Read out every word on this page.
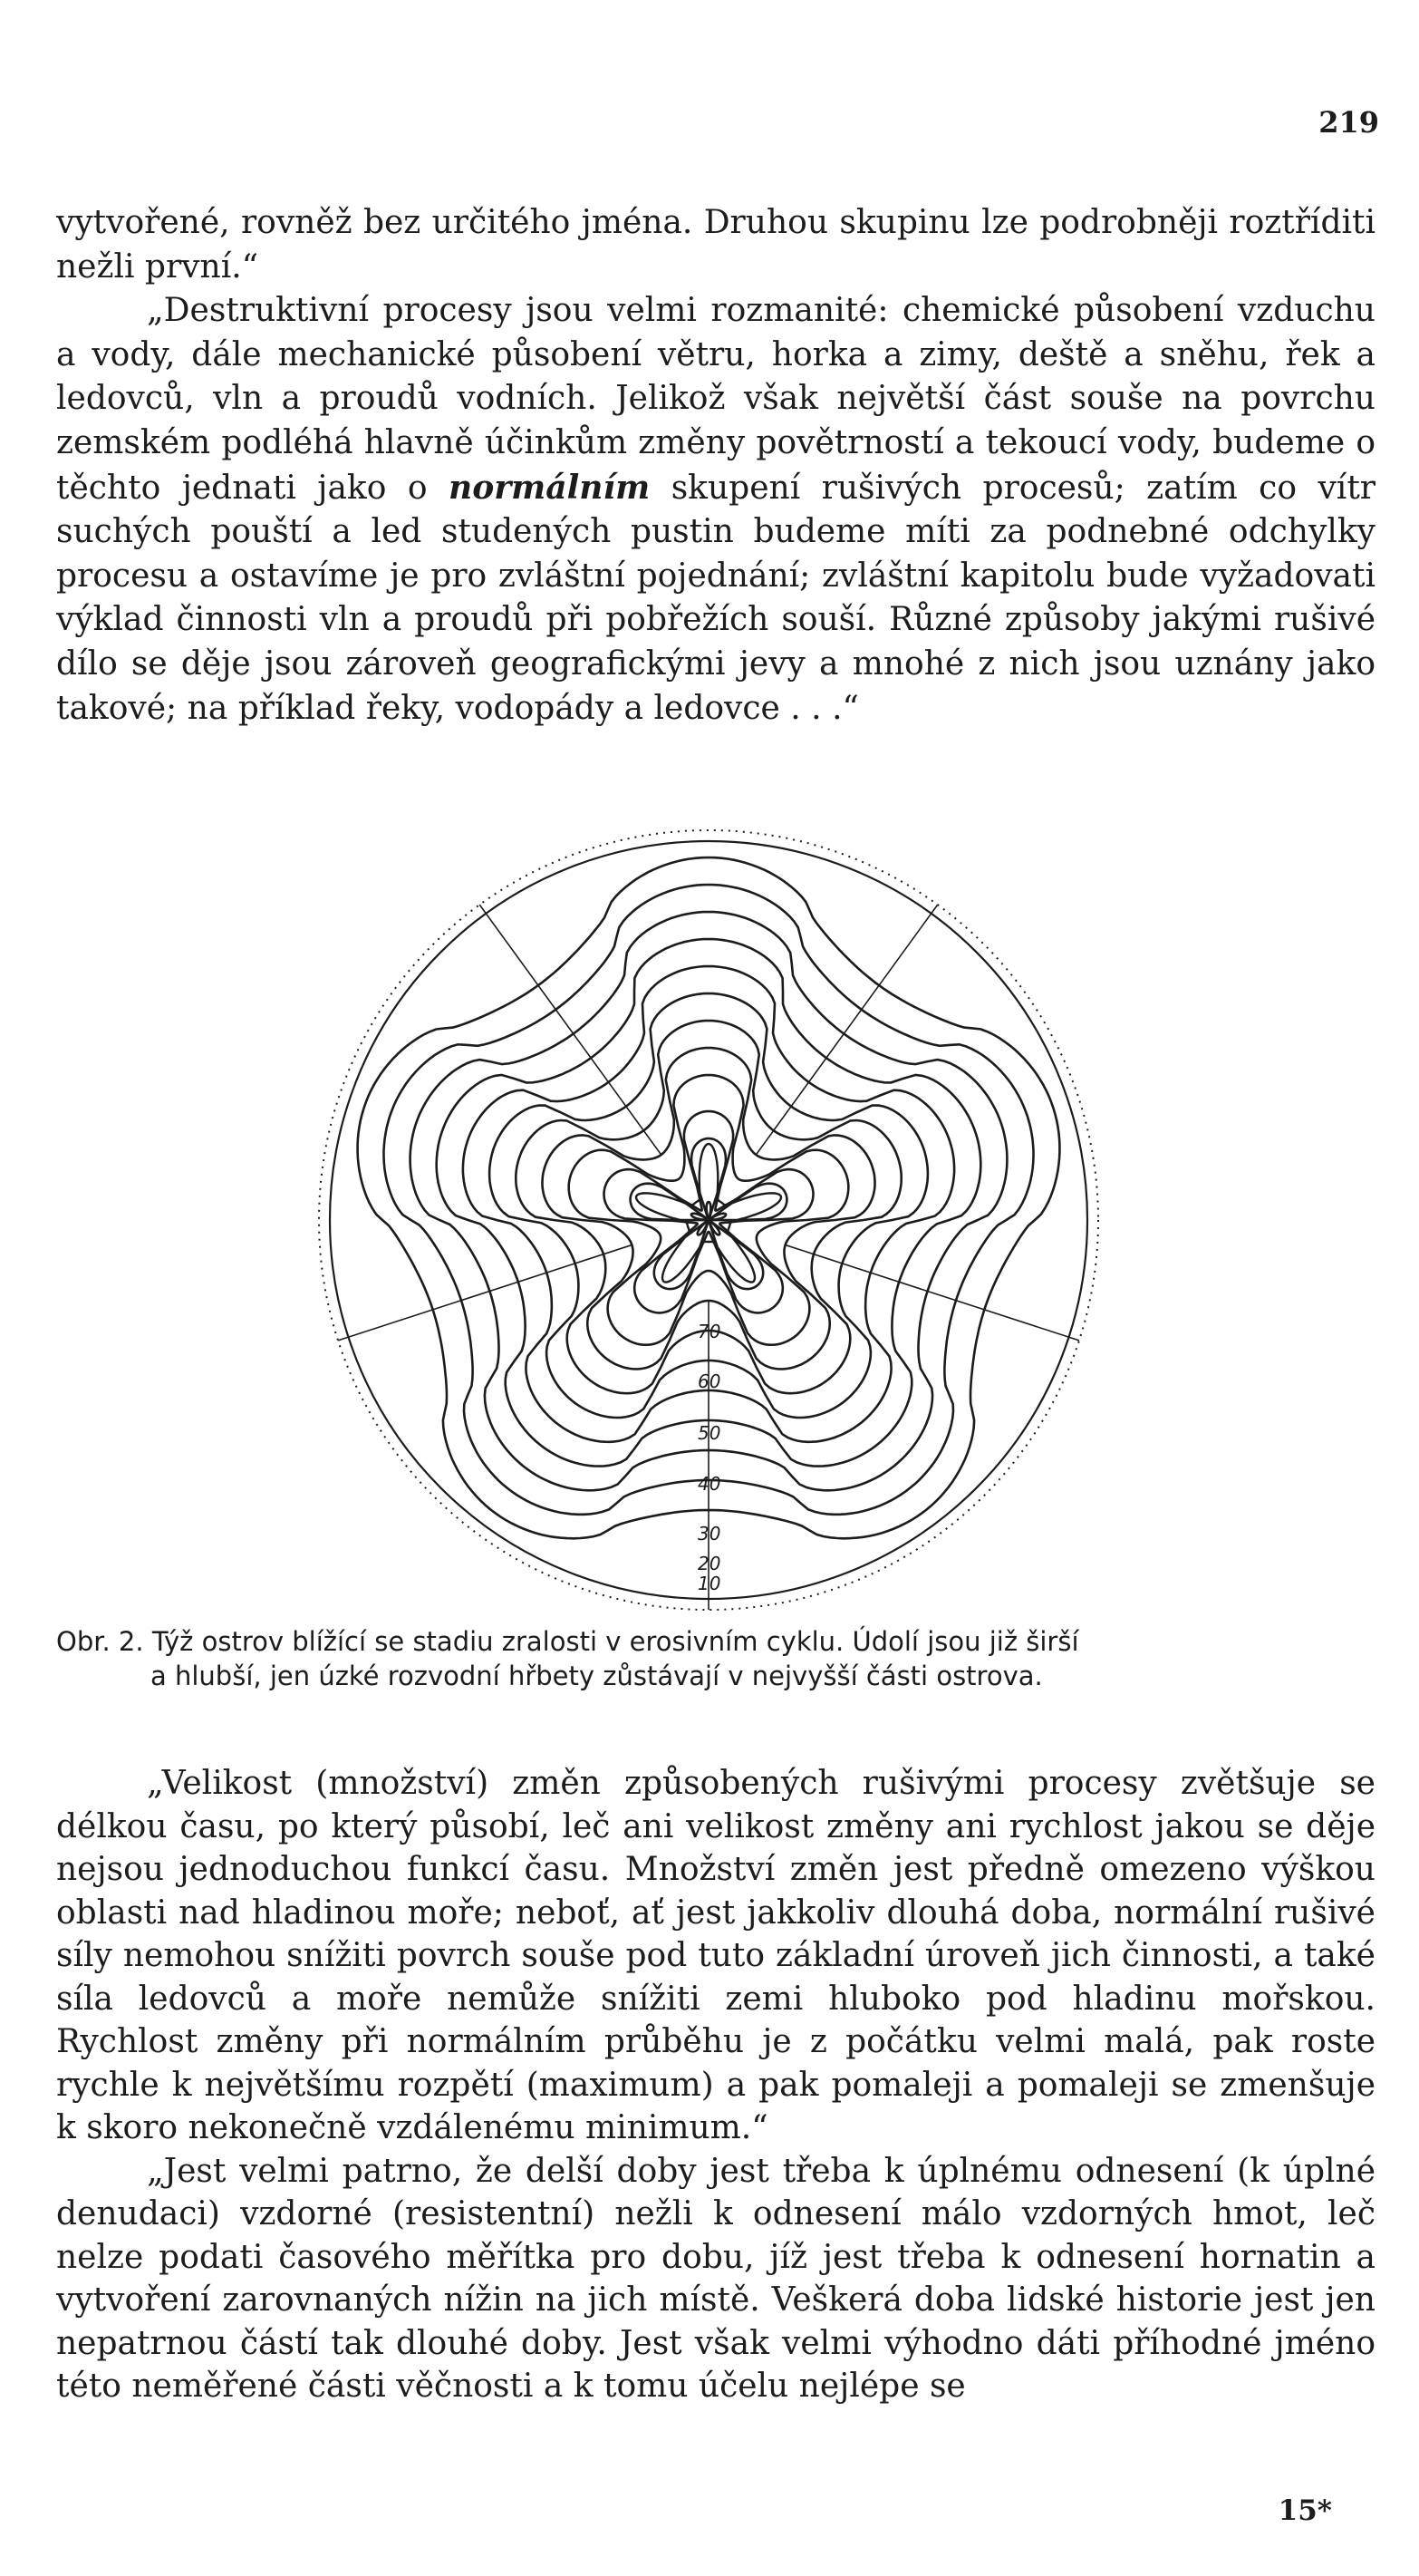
219

vytvořené, rovněž bez určitého jména. Druhou skupinu lze podrobněji roztříditi nežli první.“

„Destruktivní procesy jsou velmi rozmanité: chemické působení vzduchu a vody, dále mechanické působení větru, horka a zimy, deště a sněhu, řek a ledovců, vln a proudů vodních. Jelikož však největší část souše na povrchu zemském podléhá hlavně účinkům změny povětrností a tekoucí vody, budeme o těchto jednati jako o normálním skupení rušivých procesů; zatím co vítr suchých pouští a led studených pustin budeme míti za podnebné odchylky procesu a ostavíme je pro zvláštní pojednání; zvláštní kapitolu bude vyžadovati výklad činnosti vln a proudů při pobřežích souší. Různé způsoby jakými rušivé dílo se děje jsou zároveň geografickými jevy a mnohé z nich jsou uznány jako takové; na příklad řeky, vodopády a ledovce . . .“

70
60
50
40
30
20
10
Obr. 2. Týž ostrov blížící se stadiu zralosti v erosivním cyklu. Údolí jsou již širší
a hlubší, jen úzké rozvodní hřbety zůstávají v nejvyšší části ostrova.

„Velikost (množství) změn způsobených rušivými procesy zvětšuje se délkou času, po který působí, leč ani velikost změny ani rychlost jakou se děje nejsou jednoduchou funkcí času. Množství změn jest předně omezeno výškou oblasti nad hladinou moře; neboť, ať jest jakkoliv dlouhá doba, normální rušivé síly nemohou snížiti povrch souše pod tuto základní úroveň jich činnosti, a také síla ledovců a moře nemůže snížiti zemi hluboko pod hladinu mořskou. Rychlost změny při normálním průběhu je z počátku velmi malá, pak roste rychle k největšímu rozpětí (maximum) a pak pomaleji a pomaleji se zmenšuje k skoro nekonečně vzdálenému minimum.“

„Jest velmi patrno, že delší doby jest třeba k úplnému odnesení (k úplné denudaci) vzdorné (resistentní) nežli k odnesení málo vzdorných hmot, leč nelze podati časového měřítka pro dobu, jíž jest třeba k odnesení hornatin a vytvoření zarovnaných nížin na jich místě. Veškerá doba lidské historie jest jen nepatrnou částí tak dlouhé doby. Jest však velmi výhodno dáti příhodné jméno této neměřené části věčnosti a k tomu účelu nejlépe se

15*
